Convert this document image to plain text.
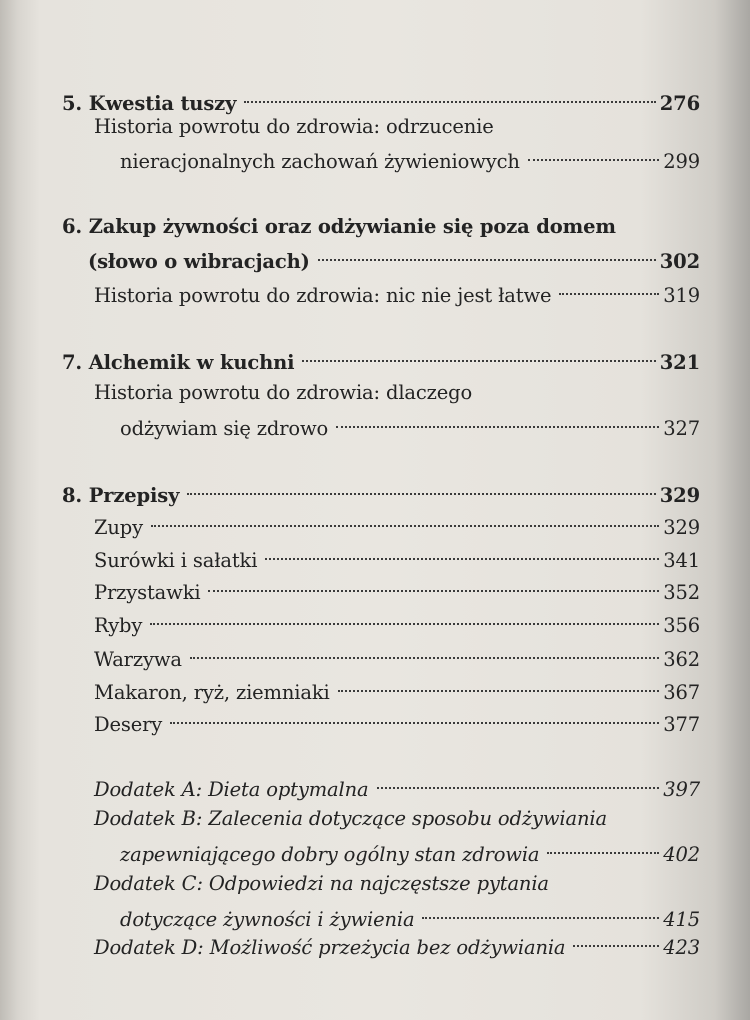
5. Kwestia tuszy	276
Historia powrotu do zdrowia: odrzucenie
nieracjonalnych zachowań żywieniowych	299
6. Zakup żywności oraz odżywianie się poza domem
(słowo o wibracjach)	302
Historia powrotu do zdrowia: nic nie jest łatwe	319
7. Alchemik w kuchni	321
Historia powrotu do zdrowia: dlaczego
odżywiam się zdrowo	327
8. Przepisy	329
Zupy	329
Surówki i sałatki	341
Przystawki	352
Ryby	356
Warzywa	362
Makaron, ryż, ziemniaki	367
Desery	377
Dodatek A: Dieta optymalna	397
Dodatek B: Zalecenia dotyczące sposobu odżywiania
zapewniającego dobry ogólny stan zdrowia	402
Dodatek C: Odpowiedzi na najczęstsze pytania
dotyczące żywności i żywienia	415
Dodatek D: Możliwość przeżycia bez odżywiania	423
